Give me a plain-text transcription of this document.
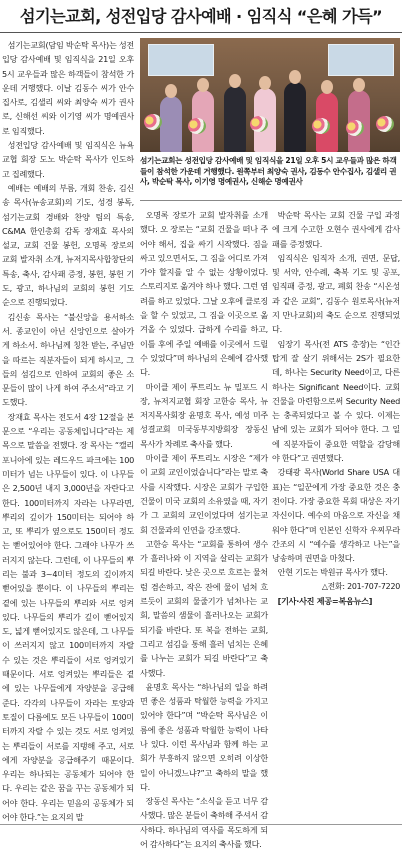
섬기는교회, 성전입당 감사예배 · 임직식 “은혜 가득”

섬기는교회(담임 박순탁 목사)는 성전입당 감사예배 및 임직식을 21일 오후 5시 교우들과 많은 하객들이 참석한 가운데 거행했다. 이날 김동수 씨가 안수집사로, 김샐리 씨와 최양숙 씨가 권사로, 신해선 씨와 이기영 씨가 명예권사로 임직했다.

성전입당 감사예배 및 임직식은 뉴욕교협 회장 도노 박순탁 목사가 인도하고 집례했다.

예배는 예배의 부름, 개회 찬송, 김신송 목사(뉴송교회)의 기도, 성경 봉독, 섬기는교회 경배와 찬양 팀의 특송, C&MA 한인총회 감독 장재효 목사의 설교, 교회 건물 봉헌, 오명록 장로의 교회 발자취 소개, 뉴저지목사합창단의 특송, 축사, 감사패 증정, 봉헌, 봉헌 기도, 광고, 하나님의 교회의 봉헌 기도 순으로 진행되었다.

김신송 목사는 “불신앙을 용서하소서. 종교인이 아닌 신앙인으로 살아가게 하소서. 하나님께 칭찬 받는, 주님만을 따르는 직분자들이 되게 하시고, 그들의 섬김으로 인하여 교회의 좋은 소문들이 많이 나게 하여 주소서”라고 기도했다.

장재효 목사는 전도서 4장 12절을 본문으로 “우리는 공동체입니다”라는 제목으로 말씀을 전했다. 장 목사는 “캘리포니아에 있는 레드우드 파크에는 100미터가 넘는 나무들이 있다. 이 나무들은 2,500년 내지 3,000년을 자란다고 한다. 100미터까지 자라는 나무라면, 뿌리의 깊이가 150미터는 되어야 하고, 또 뿌리가 옆으로도 150미터 정도는 뻗어있어야 한다. 그래야 나무가 쓰러지지 않는다. 그런데, 이 나무들의 뿌리는 불과 3~4미터 정도의 깊이까지 뻗어있을 뿐이다. 이 나무들의 뿌리는 곁에 있는 나무들의 뿌리와 서로 엉켜 있다. 나무들의 뿌리가 깊이 뻗어있지도, 넓게 뻗어있지도 않은데, 그 나무들이 쓰러지지 않고 100미터까지 자랄 수 있는 것은 뿌리들이 서로 엉켜있기 때문이다. 서로 엉켜있는 뿌리들은 곁에 있는 나무들에게 자양분을 공급해 준다. 각각의 나무들이 자라는 토양과 토질이 다름에도 모든 나무들이 100미터까지 자랄 수 있는 것도 서로 엉켜있는 뿌리들이 서로를 지탱해 주고, 서로에게 자양분을 공급해주기 때문이다. 우리는 하나되는 공동체가 되어야 한다. 우리는 같은 꿈을 꾸는 공동체가 되어야 한다. 우리는 믿음의 공동체가 되어야 한다.”는 요지의 말

섬기는교회는 성전입당 감사예배 및 임직식을 21일 오후 5시 교우들과 많은 하객들이 참석한 가운데 거행했다. 원쪽부터 최양숙 권사, 김동수 안수집사, 김샐리 권사, 박순탁 목사, 이기영 명예권사, 신해순 명예권사

오명록 장로가 교회 발자취를 소개했다. 오 장로는 “교회 건물을 떠나 주어야 해서, 집을 싸기 시작했다. 짐을 싸고 있으면서도, 그 짐을 어디로 가져가야 할지를 알 수 없는 상황이었다. 스토리지로 옮겨야 하나 했다. 그런 염려를 하고 있었다. 그날 오후에 클로징을 할 수 있었고, 그 짐을 이곳으로 옮겨올 수 있었다. 급하게 수리를 하고, 이틀 후에 주일 예배를 이곳에서 드릴 수 있었다”며 하나님의 은혜에 감사했다.

마이클 제이 푸트리노 뉴 밀포드 시장, 뉴저지교협 회장 고한승 목사, 뉴저지목사회장 윤명호 목사, 예성 미주성결교회 미국동부지방회장 장동신 목사가 차례로 축사를 했다.

마이클 제이 푸트리노 시장은 “제가 이 교회 교인이었습니다”라는 말로 축사를 시작했다. 시장은 교회가 구입한 건물이 미국 교회의 소유였을 때, 자기가 그 교회의 교인이었다며 섬기는교회 건물과의 인연을 강조했다.

고한승 목사는 “교회를 통하여 생수가 흘러나와 이 지역을 살리는 교회가 되길 바란다. 낮은 곳으로 흐르는 물처럼 겸손하고, 작은 잔에 물이 넘쳐 흐르듯이 교회의 물줄기가 넘쳐나는 교회, 말씀의 샘물이 흘러나오는 교회가 되기를 바란다. 또 복을 전하는 교회, 그리고 섬김을 통해 흘러 넘치는 은혜를 나누는 교회가 되길 바란다”고 축사했다.

윤명호 목사는 “하나님의 일을 하려면 좋은 성품과 탁월한 능력을 가지고 있어야 한다”며 “박순탁 목사님은 이름에 좋은 성품과 탁월한 능력이 나타나 있다. 이런 목사님과 함께 하는 교회가 부흥하지 않으면 오히려 이상한 일이 아니겠느냐?”고 축하의 말을 했다.

장동신 목사는 “소식을 듣고 너무 감사했다. 많은 분들이 축하해 주셔서 감사하다. 하나님의 역사를 목도하게 되어 감사하다”는 요지의 축사를 했다.

박순탁 목사는 교회 건물 구입 과정에 크게 수고한 오현수 권사에게 감사패를 증정했다.

임직식은 임직자 소개, 권면, 문답, 및 서약, 안수례, 축복 기도 및 공포, 임직패 증정, 광고, 폐회 찬송 “시온성과 같은 교회”, 김동수 원로목사(뉴저지 만나교회)의 축도 순으로 진행되었다.

임장기 목사(전 ATS 총장)는 “인간탑게 잘 살기 위해서는 2S가 필요한데, 하나는 Security Need이고, 다른 하나는 Significant Need이다. 교회 건물을 마련함으로써 Security Need는 충족되었다고 볼 수 있다. 이제는 남에 있는 교회가 되어야 한다. 그 일에 직분자들이 중요한 역할을 감당해야 한다”고 권면했다.

강태광 목사(World Share USA 대표)는 “일꾼에게 가장 중요한 것은 충전이다. 가장 중요한 목회 대상은 자기 자신이다. 예수의 마음으로 자신을 채워야 한다”며 인본인 신학자 우찌무라 간조의 시 “예수를 생각하고 나는”을 낭송하며 권면을 마쳤다.

안현 기도는 박원규 목사가 했다.

△전화: 201-707-7220

[기사·사진 제공=복음뉴스]
